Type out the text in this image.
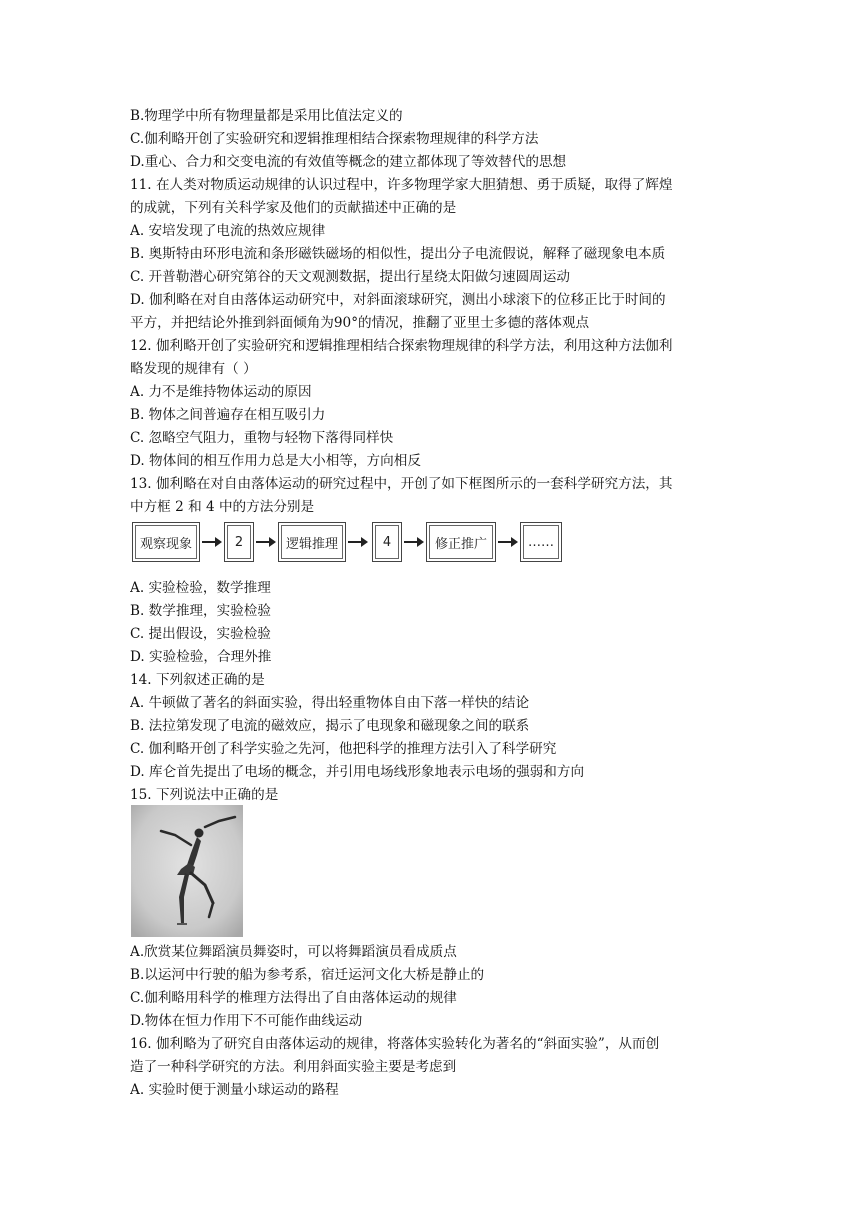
B.物理学中所有物理量都是采用比值法定义的
C.伽利略开创了实验研究和逻辑推理相结合探索物理规律的科学方法
D.重心、合力和交变电流的有效值等概念的建立都体现了等效替代的思想
11. 在人类对物质运动规律的认识过程中，许多物理学家大胆猜想、勇于质疑，取得了辉煌
的成就，下列有关科学家及他们的贡献描述中正确的是
A. 安培发现了电流的热效应规律
B. 奥斯特由环形电流和条形磁铁磁场的相似性，提出分子电流假说，解释了磁现象电本质
C. 开普勒潜心研究第谷的天文观测数据，提出行星绕太阳做匀速圆周运动
D. 伽利略在对自由落体运动研究中，对斜面滚球研究，测出小球滚下的位移正比于时间的
平方，并把结论外推到斜面倾角为90°的情况，推翻了亚里士多德的落体观点
12. 伽利略开创了实验研究和逻辑推理相结合探索物理规律的科学方法，利用这种方法伽利
略发现的规律有（ ）
A. 力不是维持物体运动的原因
B. 物体之间普遍存在相互吸引力
C. 忽略空气阻力，重物与轻物下落得同样快
D. 物体间的相互作用力总是大小相等，方向相反
13. 伽利略在对自由落体运动的研究过程中，开创了如下框图所示的一套科学研究方法，其
中方框 2 和 4 中的方法分别是
观察现象	2	逻辑推理	4	修正推广	……
A. 实验检验，数学推理
B. 数学推理，实验检验
C. 提出假设，实验检验
D. 实验检验，合理外推
14. 下列叙述正确的是
A. 牛顿做了著名的斜面实验，得出轻重物体自由下落一样快的结论
B. 法拉第发现了电流的磁效应，揭示了电现象和磁现象之间的联系
C. 伽利略开创了科学实验之先河，他把科学的推理方法引入了科学研究
D. 库仑首先提出了电场的概念，并引用电场线形象地表示电场的强弱和方向
15. 下列说法中正确的是
A.欣赏某位舞蹈演员舞姿时，可以将舞蹈演员看成质点
B.以运河中行驶的船为参考系，宿迁运河文化大桥是静止的
C.伽利略用科学的椎理方法得出了自由落体运动的规律
D.物体在恒力作用下不可能作曲线运动
16. 伽利略为了研究自由落体运动的规律，将落体实验转化为著名的“斜面实验”，从而创
造了一种科学研究的方法。利用斜面实验主要是考虑到
A. 实验时便于测量小球运动的路程
